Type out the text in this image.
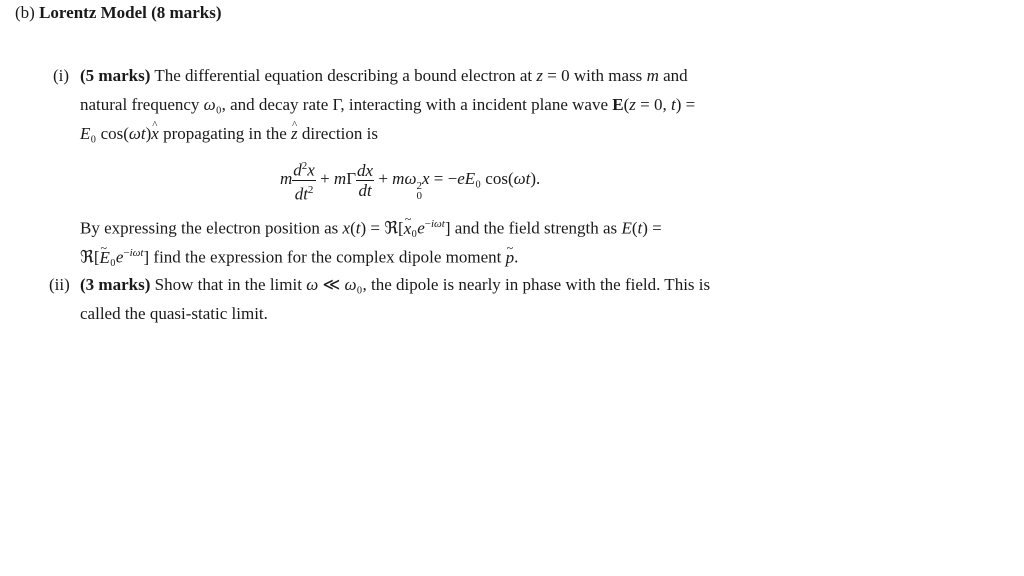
(b) Lorentz Model (8 marks)
(i) (5 marks) The differential equation describing a bound electron at z = 0 with mass m and
natural frequency ω₀, and decay rate Γ, interacting with a incident plane wave E(z = 0, t) =
E₀ cos(ωt)x ^ propagating in the z ^ direction is
m $\frac{d^2x}{dt^2} + m\Gamma \frac{dx}{dt} + m\omega$ 2
0
x = −eE₀ cos(ωt).
By expressing the electron position as x(t) = ℜ[x $\sim_0e^{-i\omega t}$] and the field strength as E(t) =
ℜ[E $\sim_0e^{-i\omega t}$] find the expression for the complex dipole moment p ~.
(ii) (3 marks) Show that in the limit ω ≪ ω₀, the dipole is nearly in phase with the field. This is
called the quasi-static limit.
